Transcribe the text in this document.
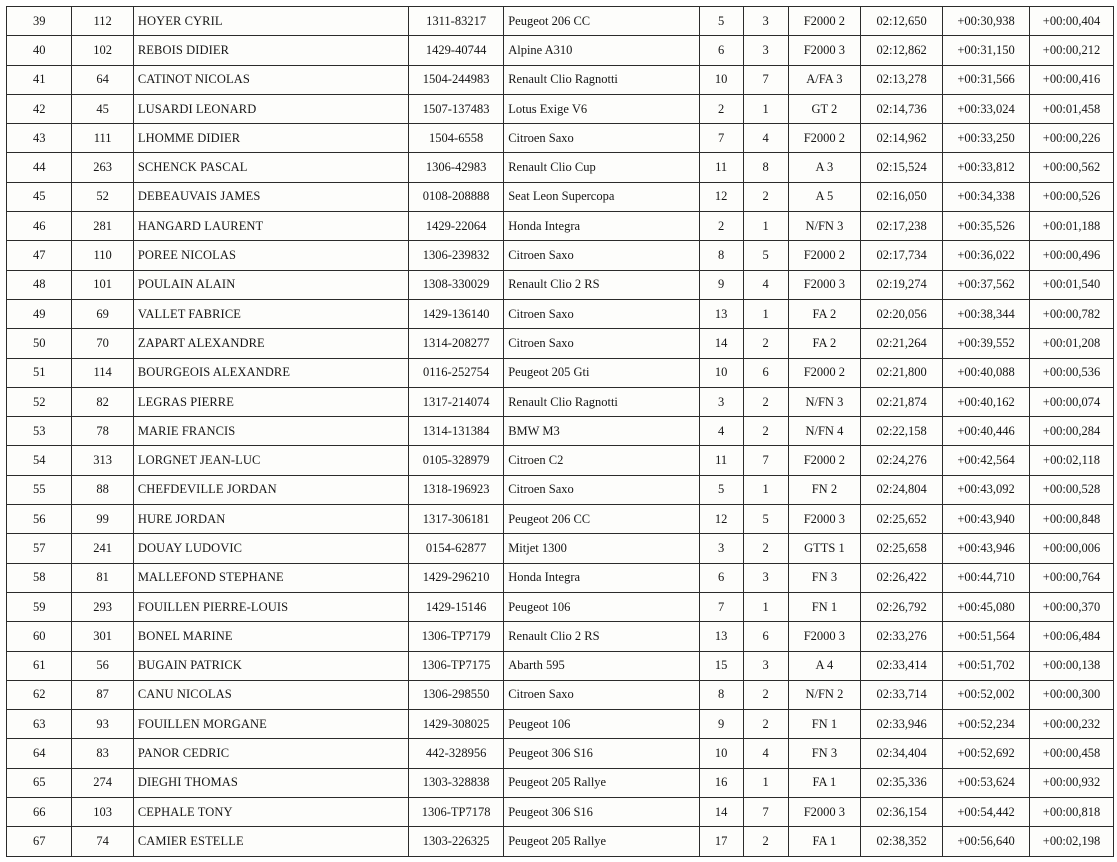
39	112	HOYER CYRIL	1311-83217	Peugeot 206 CC	5	3	F2000 2	02:12,650	+00:30,938	+00:00,404
40	102	REBOIS DIDIER	1429-40744	Alpine A310	6	3	F2000 3	02:12,862	+00:31,150	+00:00,212
41	64	CATINOT NICOLAS	1504-244983	Renault Clio Ragnotti	10	7	A/FA 3	02:13,278	+00:31,566	+00:00,416
42	45	LUSARDI LEONARD	1507-137483	Lotus Exige V6	2	1	GT 2	02:14,736	+00:33,024	+00:01,458
43	111	LHOMME DIDIER	1504-6558	Citroen Saxo	7	4	F2000 2	02:14,962	+00:33,250	+00:00,226
44	263	SCHENCK PASCAL	1306-42983	Renault Clio Cup	11	8	A 3	02:15,524	+00:33,812	+00:00,562
45	52	DEBEAUVAIS JAMES	0108-208888	Seat Leon Supercopa	12	2	A 5	02:16,050	+00:34,338	+00:00,526
46	281	HANGARD LAURENT	1429-22064	Honda Integra	2	1	N/FN 3	02:17,238	+00:35,526	+00:01,188
47	110	POREE NICOLAS	1306-239832	Citroen Saxo	8	5	F2000 2	02:17,734	+00:36,022	+00:00,496
48	101	POULAIN ALAIN	1308-330029	Renault Clio 2 RS	9	4	F2000 3	02:19,274	+00:37,562	+00:01,540
49	69	VALLET FABRICE	1429-136140	Citroen Saxo	13	1	FA 2	02:20,056	+00:38,344	+00:00,782
50	70	ZAPART ALEXANDRE	1314-208277	Citroen Saxo	14	2	FA 2	02:21,264	+00:39,552	+00:01,208
51	114	BOURGEOIS ALEXANDRE	0116-252754	Peugeot 205 Gti	10	6	F2000 2	02:21,800	+00:40,088	+00:00,536
52	82	LEGRAS PIERRE	1317-214074	Renault Clio Ragnotti	3	2	N/FN 3	02:21,874	+00:40,162	+00:00,074
53	78	MARIE FRANCIS	1314-131384	BMW M3	4	2	N/FN 4	02:22,158	+00:40,446	+00:00,284
54	313	LORGNET JEAN-LUC	0105-328979	Citroen C2	11	7	F2000 2	02:24,276	+00:42,564	+00:02,118
55	88	CHEFDEVILLE JORDAN	1318-196923	Citroen Saxo	5	1	FN 2	02:24,804	+00:43,092	+00:00,528
56	99	HURE JORDAN	1317-306181	Peugeot 206 CC	12	5	F2000 3	02:25,652	+00:43,940	+00:00,848
57	241	DOUAY LUDOVIC	0154-62877	Mitjet 1300	3	2	GTTS 1	02:25,658	+00:43,946	+00:00,006
58	81	MALLEFOND STEPHANE	1429-296210	Honda Integra	6	3	FN 3	02:26,422	+00:44,710	+00:00,764
59	293	FOUILLEN PIERRE-LOUIS	1429-15146	Peugeot 106	7	1	FN 1	02:26,792	+00:45,080	+00:00,370
60	301	BONEL MARINE	1306-TP7179	Renault Clio 2 RS	13	6	F2000 3	02:33,276	+00:51,564	+00:06,484
61	56	BUGAIN PATRICK	1306-TP7175	Abarth 595	15	3	A 4	02:33,414	+00:51,702	+00:00,138
62	87	CANU NICOLAS	1306-298550	Citroen Saxo	8	2	N/FN 2	02:33,714	+00:52,002	+00:00,300
63	93	FOUILLEN MORGANE	1429-308025	Peugeot 106	9	2	FN 1	02:33,946	+00:52,234	+00:00,232
64	83	PANOR CEDRIC	442-328956	Peugeot 306 S16	10	4	FN 3	02:34,404	+00:52,692	+00:00,458
65	274	DIEGHI THOMAS	1303-328838	Peugeot 205 Rallye	16	1	FA 1	02:35,336	+00:53,624	+00:00,932
66	103	CEPHALE TONY	1306-TP7178	Peugeot 306 S16	14	7	F2000 3	02:36,154	+00:54,442	+00:00,818
67	74	CAMIER ESTELLE	1303-226325	Peugeot 205 Rallye	17	2	FA 1	02:38,352	+00:56,640	+00:02,198
